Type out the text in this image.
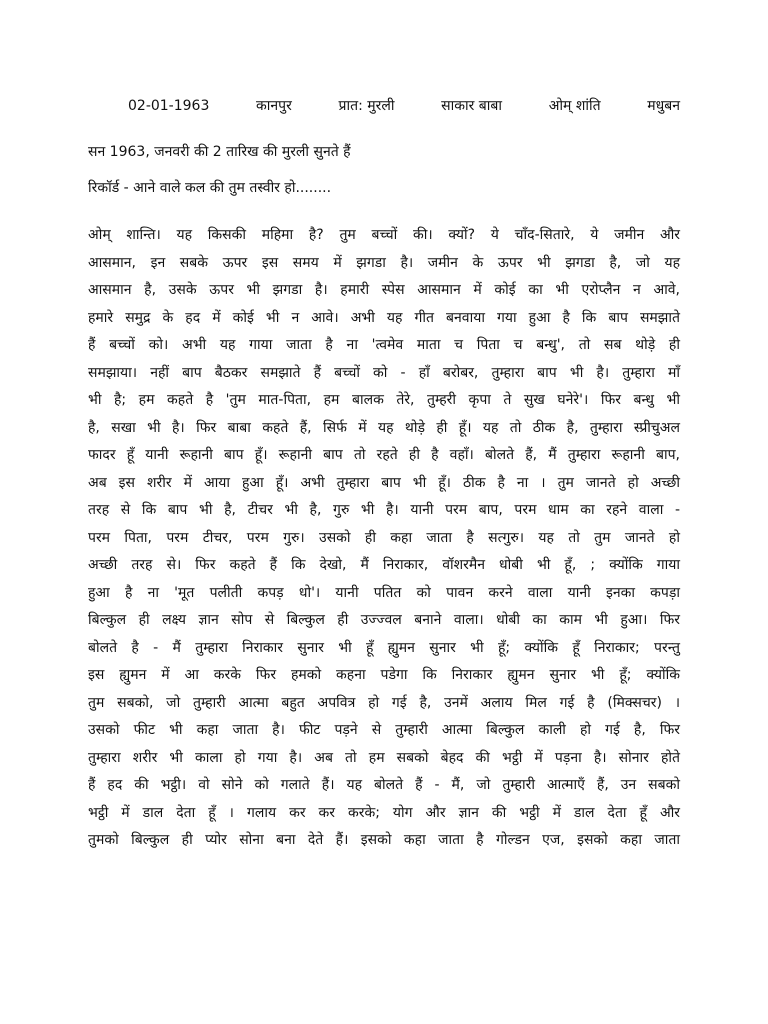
02-01-1963	कानपुर	प्रात: मुरली	साकार बाबा	ओम् शांति	मधुबन

सन 1963, जनवरी की 2 तारिख की मुरली सुनते हैं

रिकॉर्ड - आने वाले कल की तुम तस्वीर हो........

ओम् शान्ति। यह किसकी महिमा है? तुम बच्चों की। क्यों? ये चाँद-सितारे, ये जमीन और
आसमान, इन सबके ऊपर इस समय में झगडा है। जमीन के ऊपर भी झगडा है, जो यह
आसमान है, उसके ऊपर भी झगडा है। हमारी स्पेस आसमान में कोई का भी एरोप्लैन न आवे,
हमारे समुद्र के हद में कोई भी न आवे। अभी यह गीत बनवाया गया हुआ है कि बाप समझाते
हैं बच्चों को। अभी यह गाया जाता है ना 'त्वमेव माता च पिता च बन्धु', तो सब थोड़े ही
समझाया। नहीं बाप बैठकर समझाते हैं बच्चों को - हाँ बरोबर, तुम्हारा बाप भी है। तुम्हारा माँ
भी है; हम कहते है 'तुम मात-पिता, हम बालक तेरे, तुम्हरी कृपा ते सुख घनेरे'। फिर बन्धु भी
है, सखा भी है। फिर बाबा कहते हैं, सिर्फ में यह थोड़े ही हूँ। यह तो ठीक है, तुम्हारा स्प्रीचुअल
फादर हूँ यानी रूहानी बाप हूँ। रूहानी बाप तो रहते ही है वहाँ। बोलते हैं, मैं तुम्हारा रूहानी बाप,
अब इस शरीर में आया हुआ हूँ। अभी तुम्हारा बाप भी हूँ। ठीक है ना । तुम जानते हो अच्छी
तरह से कि बाप भी है, टीचर भी है, गुरु भी है। यानी परम बाप, परम धाम का रहने वाला -
परम पिता, परम टीचर, परम गुरु। उसको ही कहा जाता है सत्गुरु। यह तो तुम जानते हो
अच्छी तरह से। फिर कहते हैं कि देखो, मैं निराकार, वॉशरमैन धोबी भी हूँ, ; क्योंकि गाया
हुआ है ना 'मूत पलीती कपड़ धो'। यानी पतित को पावन करने वाला यानी इनका कपड़ा
बिल्कुल ही लक्ष्य ज्ञान सोप से बिल्कुल ही उज्ज्वल बनाने वाला। धोबी का काम भी हुआ। फिर
बोलते है - मैं तुम्हारा निराकार सुनार भी हूँ ह्युमन सुनार भी हूँ; क्योंकि हूँ निराकार; परन्तु
इस ह्युमन में आ करके फिर हमको कहना पडेगा कि निराकार ह्युमन सुनार भी हूँ; क्योंकि
तुम सबको, जो तुम्हारी आत्मा बहुत अपवित्र हो गई है, उनमें अलाय मिल गई है (मिक्सचर) ।
उसको फीट भी कहा जाता है। फीट पड़ने से तुम्हारी आत्मा बिल्कुल काली हो गई है, फिर
तुम्हारा शरीर भी काला हो गया है। अब तो हम सबको बेहद की भट्ठी में पड़ना है। सोनार होते
हैं हद की भट्ठी। वो सोने को गलाते हैं। यह बोलते हैं - मैं, जो तुम्हारी आत्माएँ हैं, उन सबको
भट्ठी में डाल देता हूँ । गलाय कर कर करके; योग और ज्ञान की भट्ठी में डाल देता हूँ और
तुमको बिल्कुल ही प्योर सोना बना देते हैं। इसको कहा जाता है गोल्डन एज, इसको कहा जाता
